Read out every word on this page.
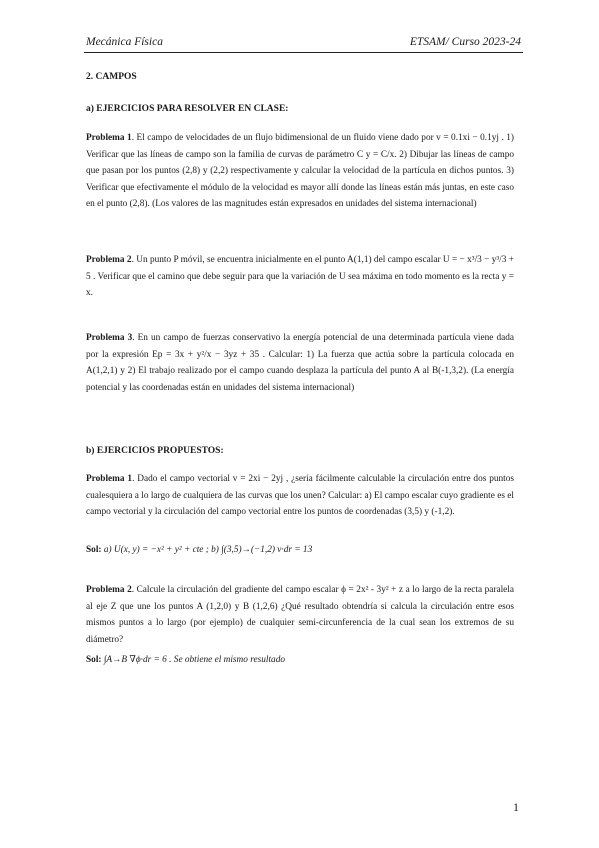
Mecánica Física	ETSAM/ Curso 2023-24
2. CAMPOS
a) EJERCICIOS PARA RESOLVER EN CLASE:
Problema 1. El campo de velocidades de un flujo bidimensional de un fluido viene dado por v = 0.1xi − 0.1yj . 1) Verificar que las líneas de campo son la familia de curvas de parámetro C y = C/x. 2) Dibujar las líneas de campo que pasan por los puntos (2,8) y (2,2) respectivamente y calcular la velocidad de la partícula en dichos puntos. 3) Verificar que efectivamente el módulo de la velocidad es mayor allí donde las líneas están más juntas, en este caso en el punto (2,8). (Los valores de las magnitudes están expresados en unidades del sistema internacional)
Problema 2. Un punto P móvil, se encuentra inicialmente en el punto A(1,1) del campo escalar U = − x³/3 − y³/3 + 5 . Verificar que el camino que debe seguir para que la variación de U sea máxima en todo momento es la recta y = x.
Problema 3. En un campo de fuerzas conservativo la energía potencial de una determinada partícula viene dada por la expresión Ep = 3x + y²/x − 3yz + 35 . Calcular: 1) La fuerza que actúa sobre la partícula colocada en A(1,2,1) y 2) El trabajo realizado por el campo cuando desplaza la partícula del punto A al B(-1,3,2). (La energía potencial y las coordenadas están en unidades del sistema internacional)
b) EJERCICIOS PROPUESTOS:
Problema 1. Dado el campo vectorial v = 2xi − 2yj , ¿sería fácilmente calculable la circulación entre dos puntos cualesquiera a lo largo de cualquiera de las curvas que los unen? Calcular: a) El campo escalar cuyo gradiente es el campo vectorial y la circulación del campo vectorial entre los puntos de coordenadas (3,5) y (-1,2).
Sol: a) U(x, y) = −x² + y² + cte ; b) ∫(3,5)→(−1,2) v·dr = 13
Problema 2. Calcule la circulación del gradiente del campo escalar ϕ = 2x² - 3y² + z a lo largo de la recta paralela al eje Z que une los puntos A (1,2,0) y B (1,2,6) ¿Qué resultado obtendría si calcula la circulación entre esos mismos puntos a lo largo (por ejemplo) de cualquier semi-circunferencia de la cual sean los extremos de su diámetro?
Sol: ∫A→B ∇ϕ·dr = 6 . Se obtiene el mismo resultado
1
